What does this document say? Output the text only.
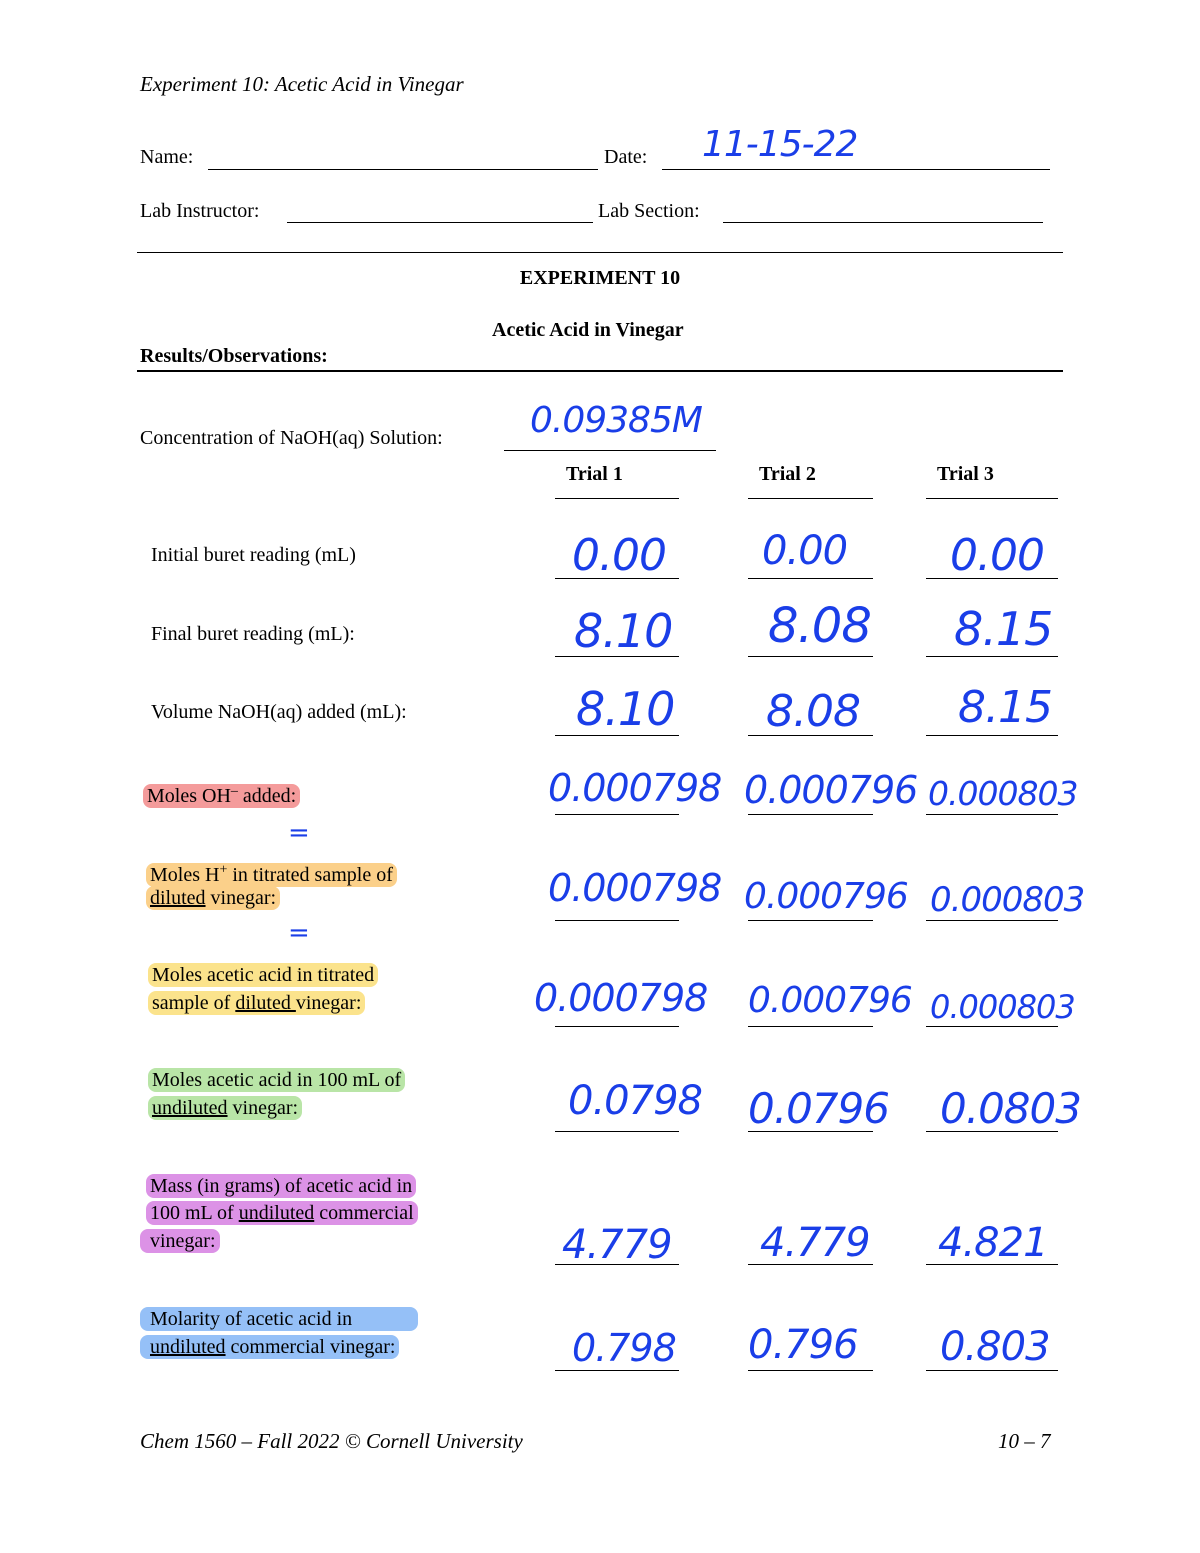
Experiment 10: Acetic Acid in Vinegar
Name:	Date: 11-15-22
Lab Instructor:	Lab Section:
EXPERIMENT 10
Acetic Acid in Vinegar
Results/Observations:
Concentration of NaOH(aq) Solution: 0.09385M
Trial 1	Trial 2	Trial 3
Initial buret reading (mL)	0.00 0.00 0.00
Final buret reading (mL):	8.10 8.08 8.15
Volume NaOH(aq) added (mL):	8.10 8.08 8.15
Moles OH– added:	0.000798 0.000796 0.000803
=
Moles H+ in titrated sample of
diluted vinegar:	0.000798 0.000796 0.000803
=
Moles acetic acid in titrated
sample of diluted vinegar:	0.000798 0.000796 0.000803
Moles acetic acid in 100 mL of
undiluted vinegar:	0.0798 0.0796 0.0803
Mass (in grams) of acetic acid in
100 mL of undiluted commercial
vinegar:	4.779 4.779 4.821
Molarity of acetic acid in
undiluted commercial vinegar:	0.798 0.796 0.803
Chem 1560 – Fall 2022 © Cornell University	10 – 7
